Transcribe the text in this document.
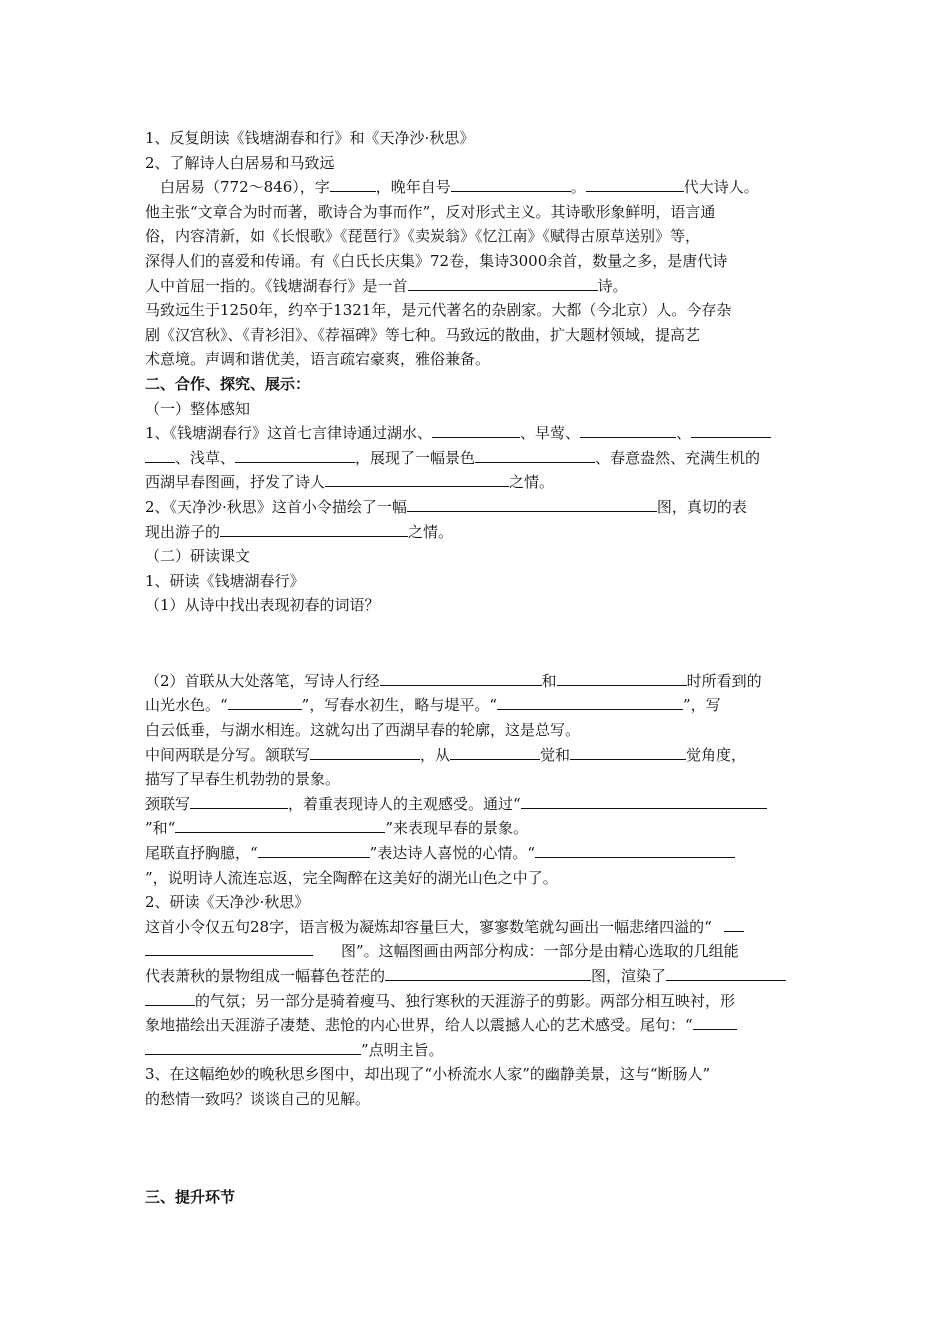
1、反复朗读《钱塘湖春和行》和《天净沙·秋思》
2、了解诗人白居易和马致远
白居易（772～846），字	，晚年自号	。	代大诗人。
他主张“文章合为时而著，歌诗合为事而作”，反对形式主义。其诗歌形象鲜明，语言通
俗，内容清新，如《长恨歌》《琵琶行》《卖炭翁》《忆江南》《赋得古原草送别》等，
深得人们的喜爱和传诵。有《白氏长庆集》72卷，集诗3000余首，数量之多，是唐代诗
人中首屈一指的。《钱塘湖春行》是一首	诗。
马致远生于1250年，约卒于1321年，是元代著名的杂剧家。大都（今北京）人。今存杂
剧《汉宫秋》、《青衫泪》、《荐福碑》等七种。马致远的散曲，扩大题材领域，提高艺
术意境。声调和谐优美，语言疏宕豪爽，雅俗兼备。
二、合作、探究、展示：
（一）整体感知
1、《钱塘湖春行》这首七言律诗通过湖水、	、早莺、	、
、浅草、	，展现了一幅景色	、春意盎然、充满生机的
西湖早春图画，抒发了诗人	之情。
2、《天净沙·秋思》这首小令描绘了一幅	图，真切的表
现出游子的	之情。
（二）研读课文
1、研读《钱塘湖春行》
（1）从诗中找出表现初春的词语？
（2）首联从大处落笔，写诗人行经	和	时所看到的
山光水色。“	”，写春水初生，略与堤平。“	”，写
白云低垂，与湖水相连。这就勾出了西湖早春的轮廓，这是总写。
中间两联是分写。颔联写	，从	觉和	觉角度，
描写了早春生机勃勃的景象。
颈联写	，着重表现诗人的主观感受。通过“
”和“	”来表现早春的景象。
尾联直抒胸臆，“	”表达诗人喜悦的心情。“
”，说明诗人流连忘返，完全陶醉在这美好的湖光山色之中了。
2、研读《天净沙·秋思》
这首小令仅五句28字，语言极为凝炼却容量巨大，寥寥数笔就勾画出一幅悲绪四溢的“
图”。这幅图画由两部分构成：一部分是由精心选取的几组能
代表萧秋的景物组成一幅暮色苍茫的	图，渲染了
的气氛；另一部分是骑着瘦马、独行寒秋的天涯游子的剪影。两部分相互映衬，形
象地描绘出天涯游子凄楚、悲怆的内心世界，给人以震撼人心的艺术感受。尾句：“
”点明主旨。
3、在这幅绝妙的晚秋思乡图中，却出现了“小桥流水人家”的幽静美景，这与“断肠人”
的愁情一致吗？谈谈自己的见解。
三、提升环节
